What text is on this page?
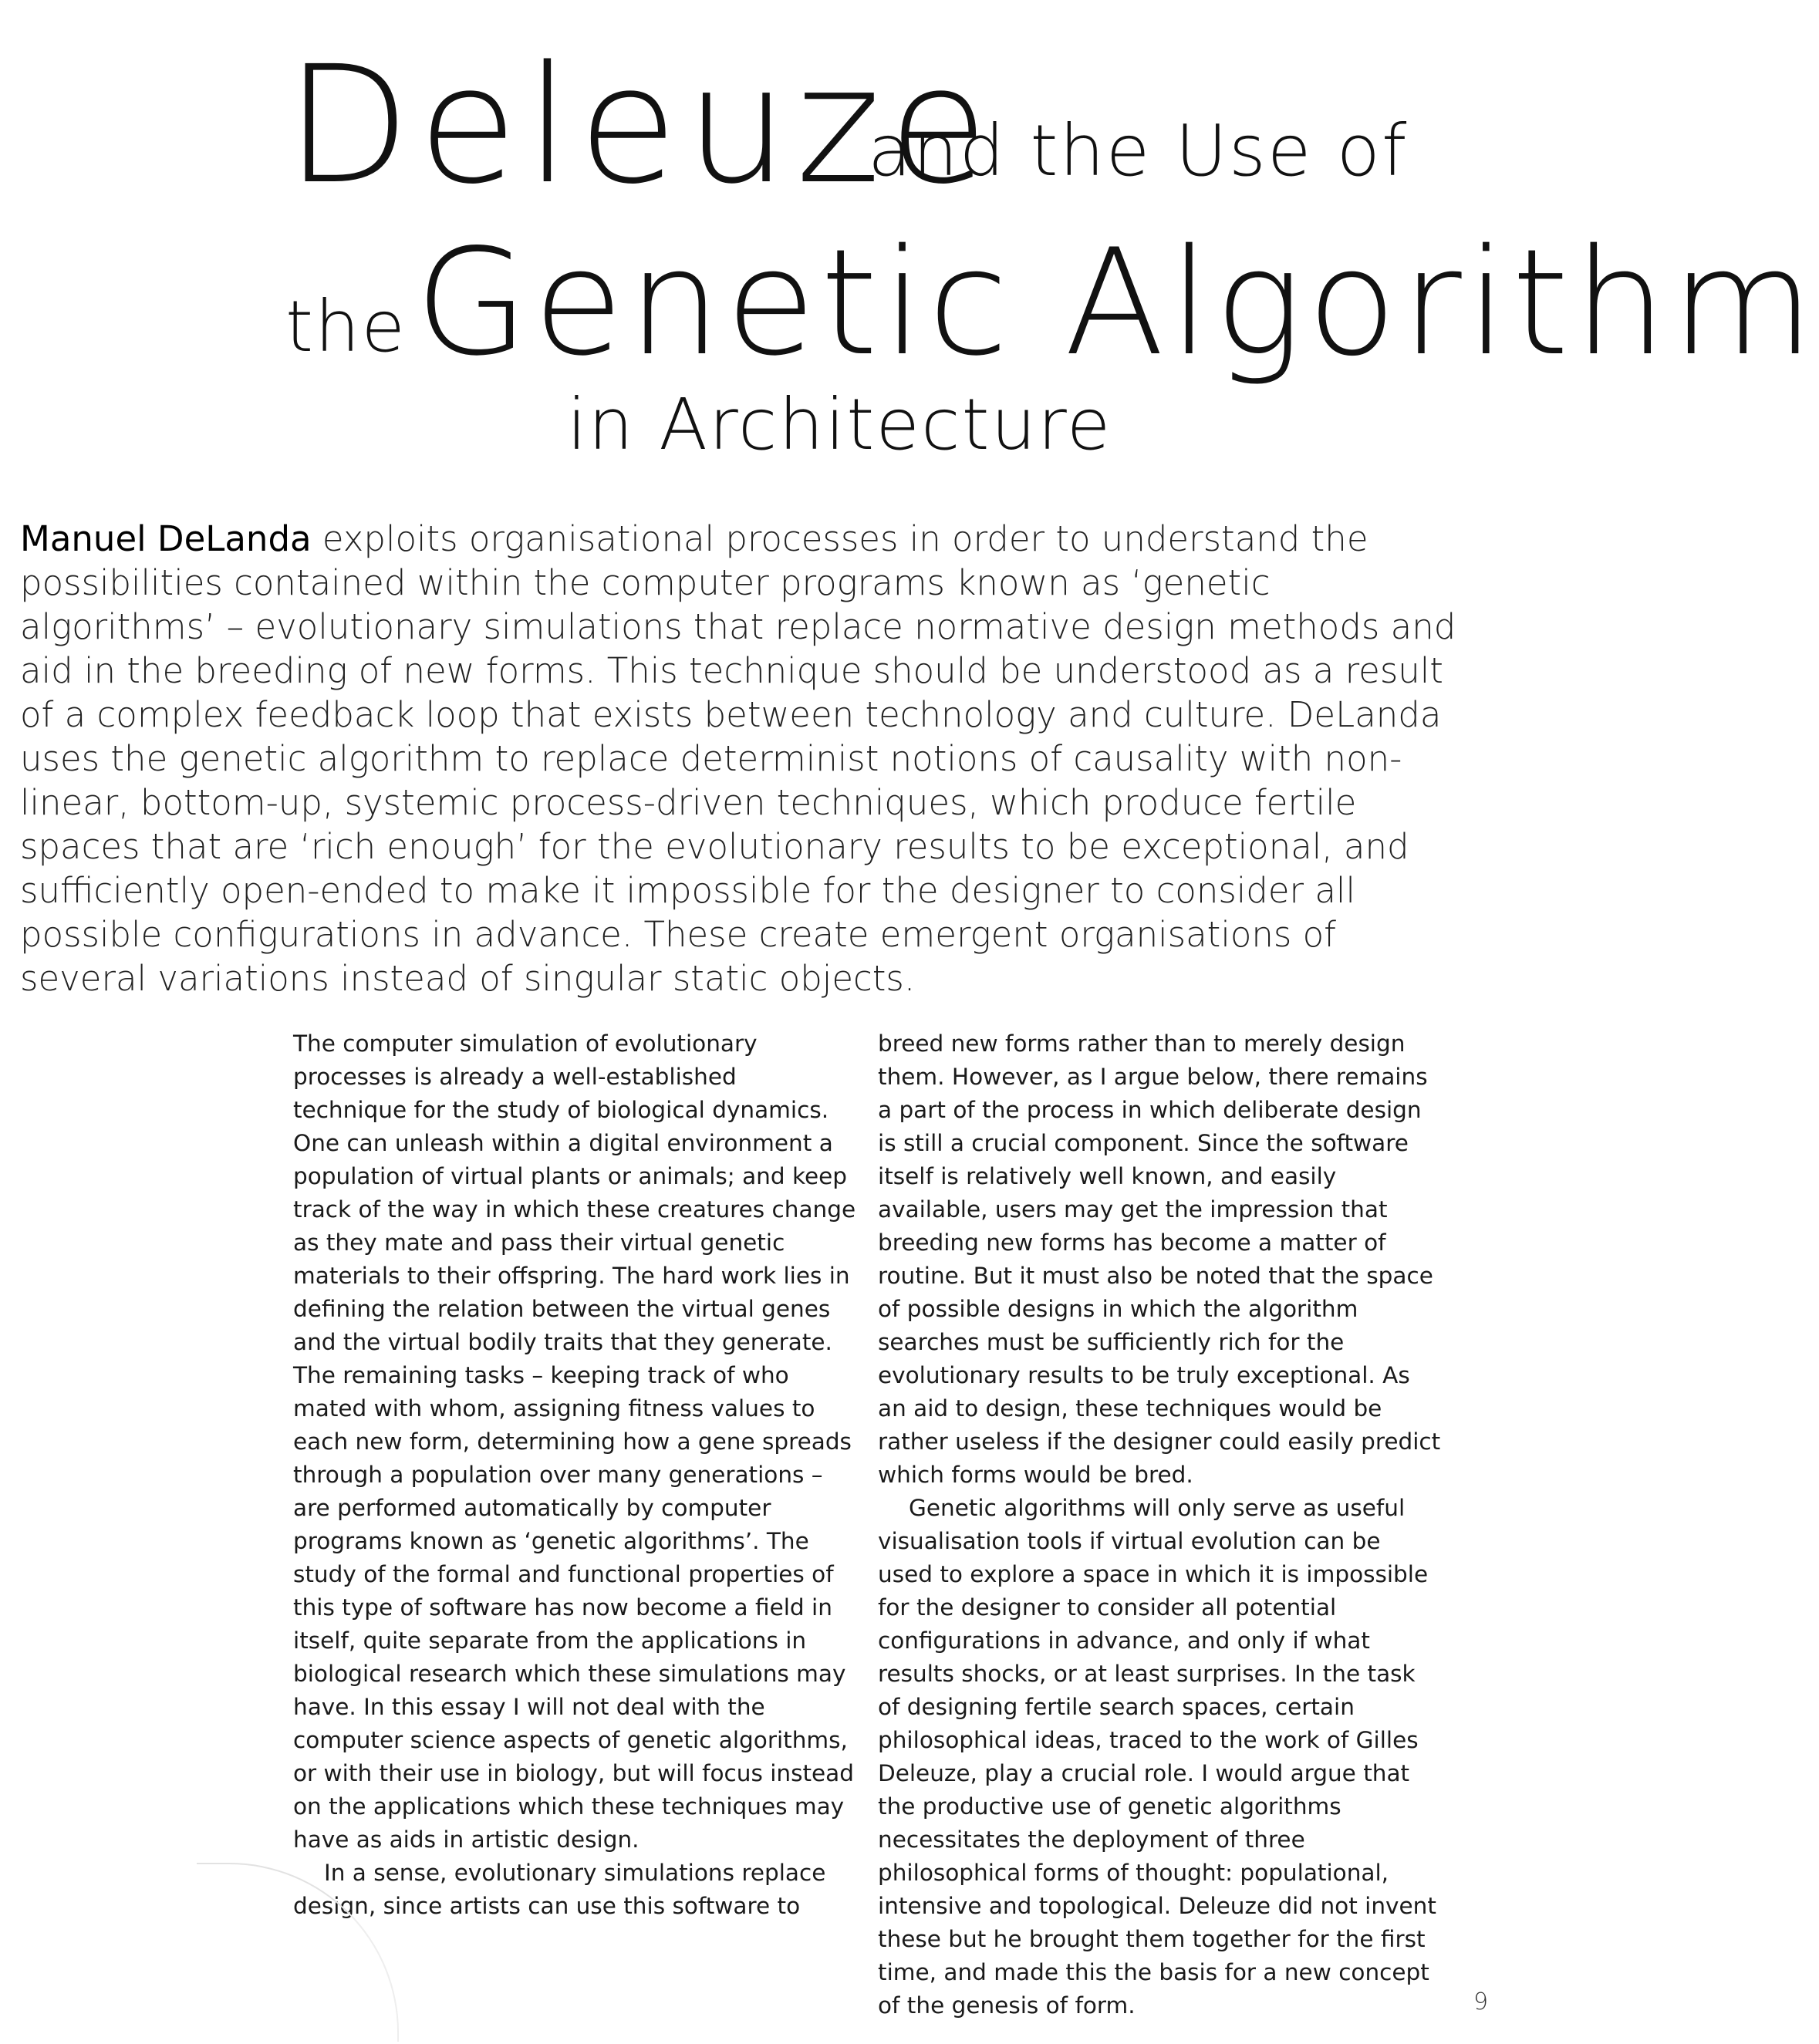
Deleuze
and the Use of
the Genetic Algorithm
in Architecture
Manuel DeLanda exploits organisational processes in order to understand the possibilities contained within the computer programs known as ‘genetic algorithms’ – evolutionary simulations that replace normative design methods and aid in the breeding of new forms. This technique should be understood as a result of a complex feedback loop that exists between technology and culture. DeLanda uses the genetic algorithm to replace determinist notions of causality with non-linear, bottom-up, systemic process-driven techniques, which produce fertile spaces that are ‘rich enough’ for the evolutionary results to be exceptional, and sufficiently open-ended to make it impossible for the designer to consider all possible configurations in advance. These create emergent organisations of several variations instead of singular static objects.

The computer simulation of evolutionary processes is already a well-established technique for the study of biological dynamics. One can unleash within a digital environment a population of virtual plants or animals; and keep track of the way in which these creatures change as they mate and pass their virtual genetic materials to their offspring. The hard work lies in defining the relation between the virtual genes and the virtual bodily traits that they generate. The remaining tasks – keeping track of who mated with whom, assigning fitness values to each new form, determining how a gene spreads through a population over many generations – are performed automatically by computer programs known as ‘genetic algorithms’. The study of the formal and functional properties of this type of software has now become a field in itself, quite separate from the applications in biological research which these simulations may have. In this essay I will not deal with the computer science aspects of genetic algorithms, or with their use in biology, but will focus instead on the applications which these techniques may have as aids in artistic design.

In a sense, evolutionary simulations replace design, since artists can use this software to

breed new forms rather than to merely design them. However, as I argue below, there remains a part of the process in which deliberate design is still a crucial component. Since the software itself is relatively well known, and easily available, users may get the impression that breeding new forms has become a matter of routine. But it must also be noted that the space of possible designs in which the algorithm searches must be sufficiently rich for the evolutionary results to be truly exceptional. As an aid to design, these techniques would be rather useless if the designer could easily predict which forms would be bred.

Genetic algorithms will only serve as useful visualisation tools if virtual evolution can be used to explore a space in which it is impossible for the designer to consider all potential configurations in advance, and only if what results shocks, or at least surprises. In the task of designing fertile search spaces, certain philosophical ideas, traced to the work of Gilles Deleuze, play a crucial role. I would argue that the productive use of genetic algorithms necessitates the deployment of three philosophical forms of thought: populational, intensive and topological. Deleuze did not invent these but he brought them together for the first time, and made this the basis for a new concept of the genesis of form.	9
